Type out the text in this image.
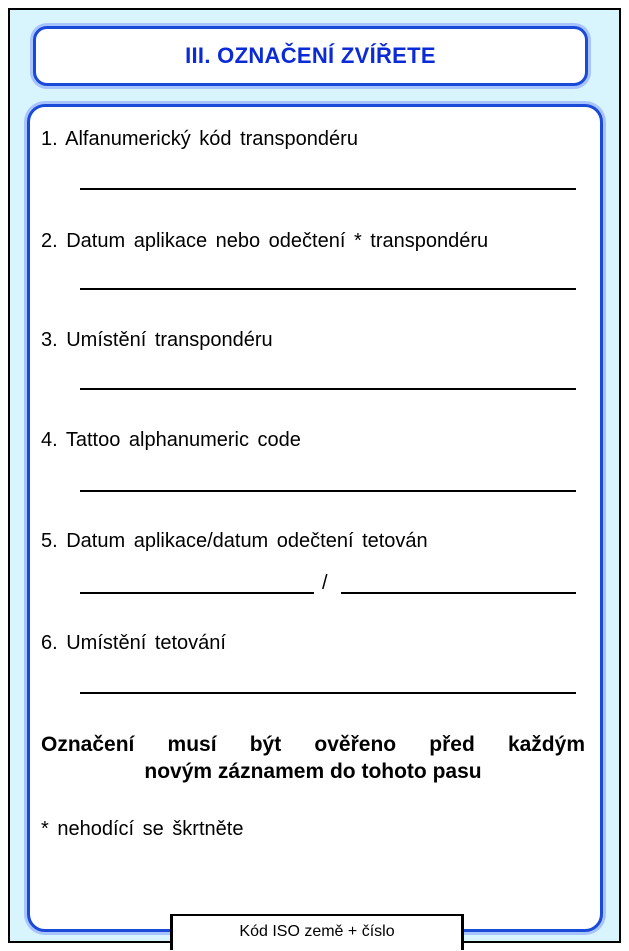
III. OZNAČENÍ ZVÍŘETE
1. Alfanumerický kód transpondéru
2. Datum aplikace nebo odečtení * transpondéru
3. Umístění transpondéru
4. Tattoo alphanumeric code
5. Datum aplikace/datum odečtení tetován
/
6. Umístění tetování
Označení musí být ověřeno před každým
novým záznamem do tohoto pasu
* nehodící se škrtněte
Kód ISO země + číslo
